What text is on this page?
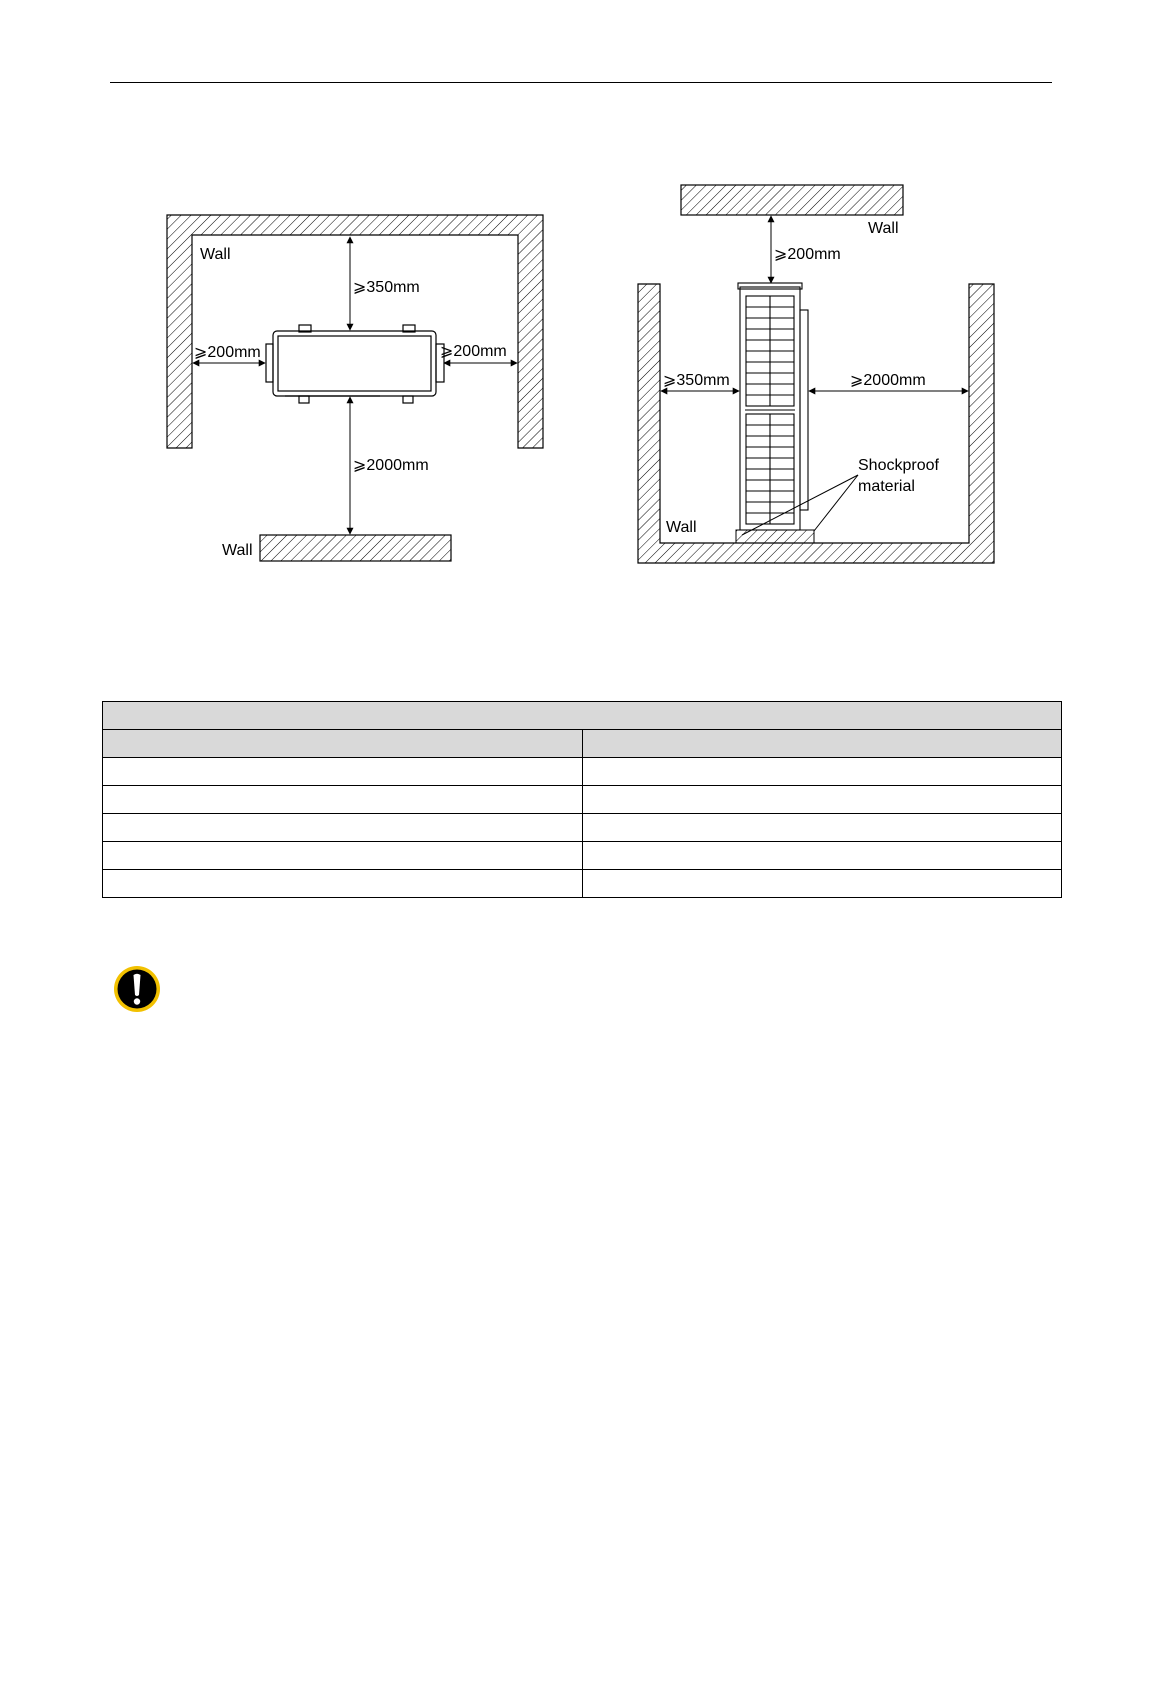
Wall
⩾350mm
⩾200mm	⩾200mm
⩾2000mm
Wall
Wall
⩾200mm
⩾350mm	⩾2000mm
Shockproof
material
Wall
